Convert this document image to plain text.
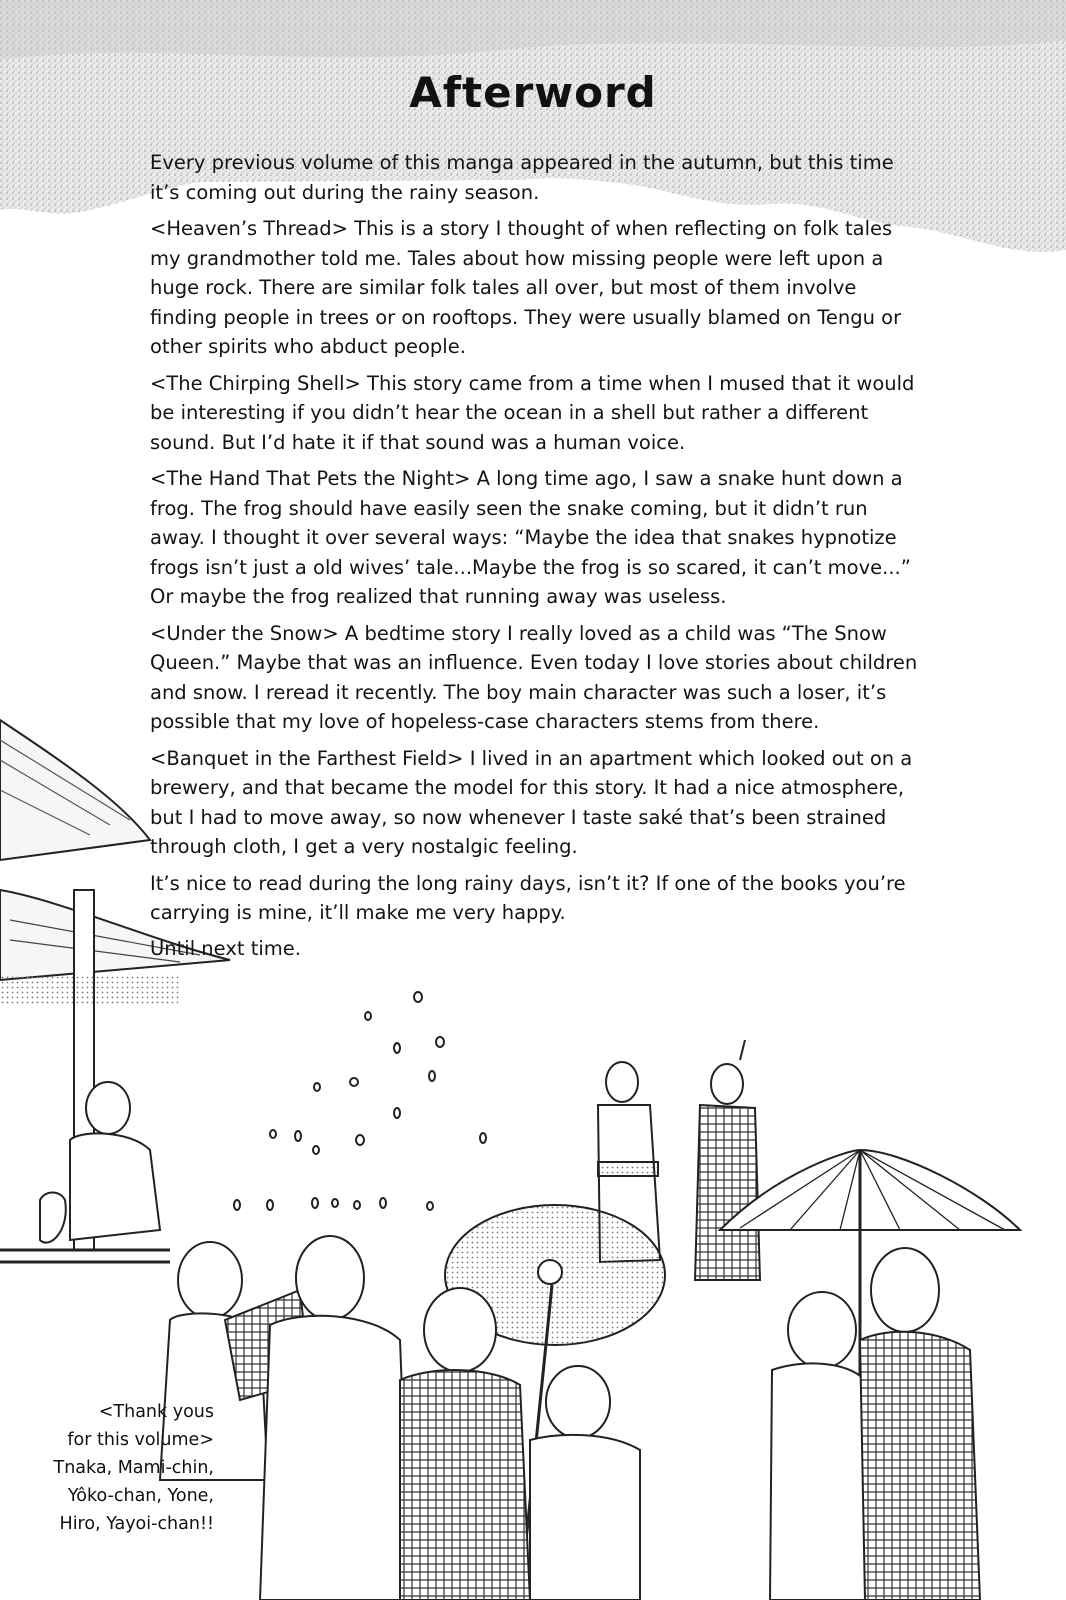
Afterword

Every previous volume of this manga appeared in the autumn, but this time it’s coming out during the rainy season.

<Heaven’s Thread> This is a story I thought of when reflecting on folk tales my grandmother told me. Tales about how missing people were left upon a huge rock. There are similar folk tales all over, but most of them involve finding people in trees or on rooftops. They were usually blamed on Tengu or other spirits who abduct people.

<The Chirping Shell> This story came from a time when I mused that it would be interesting if you didn’t hear the ocean in a shell but rather a different sound. But I’d hate it if that sound was a human voice.

<The Hand That Pets the Night> A long time ago, I saw a snake hunt down a frog. The frog should have easily seen the snake coming, but it didn’t run away. I thought it over several ways: “Maybe the idea that snakes hypnotize frogs isn’t just a old wives’ tale...Maybe the frog is so scared, it can’t move...” Or maybe the frog realized that running away was useless.

<Under the Snow> A bedtime story I really loved as a child was “The Snow Queen.” Maybe that was an influence. Even today I love stories about children and snow. I reread it recently. The boy main character was such a loser, it’s possible that my love of hopeless-case characters stems from there.

<Banquet in the Farthest Field> I lived in an apartment which looked out on a brewery, and that became the model for this story. It had a nice atmosphere, but I had to move away, so now whenever I taste saké that’s been strained through cloth, I get a very nostalgic feeling.

It’s nice to read during the long rainy days, isn’t it? If one of the books you’re carrying is mine, it’ll make me very happy.

Until next time.

<Thank yous
for this volume>
Tnaka, Mami-chin,
Yôko-chan, Yone,
Hiro, Yayoi-chan!!
